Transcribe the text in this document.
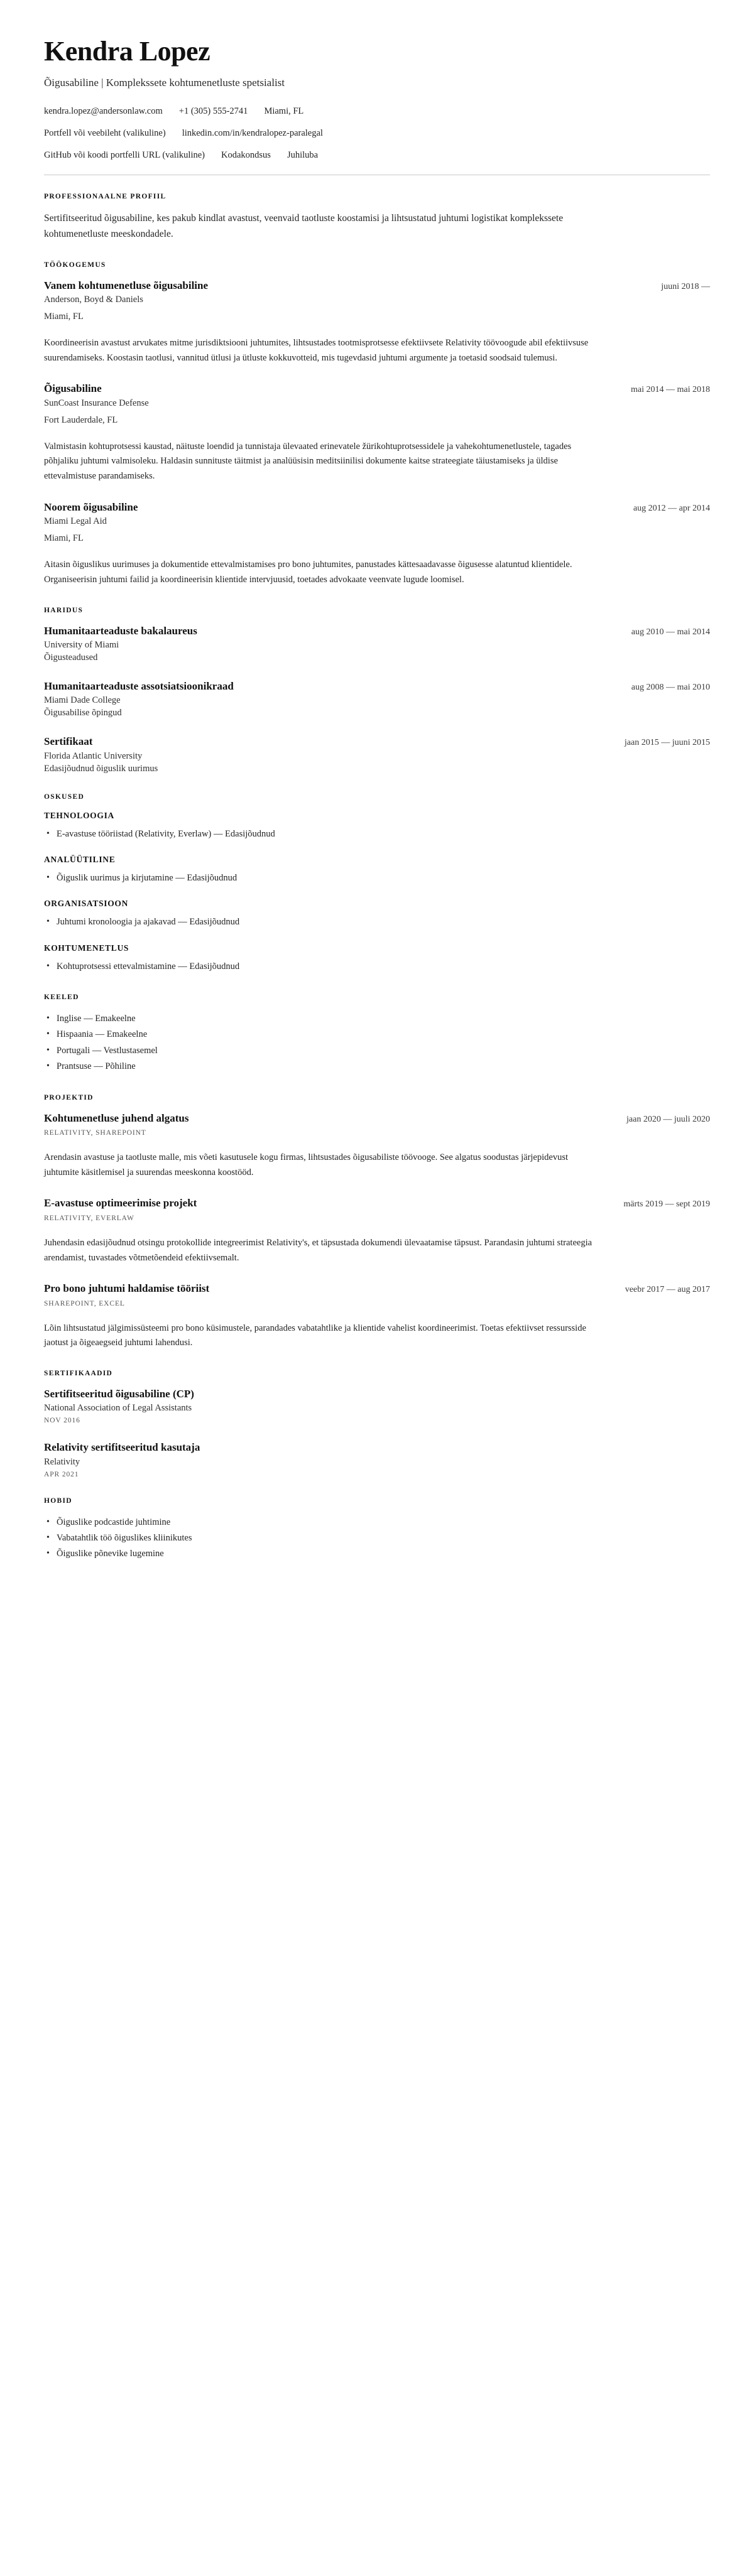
Kendra Lopez
Õigusabiline | Komplekssete kohtumenetluste spetsialist
kendra.lopez@andersonlaw.com +1 (305) 555-2741 Miami, FL
Portfell või veebileht (valikuline) linkedin.com/in/kendralopez-paralegal
GitHub või koodi portfelli URL (valikuline) Kodakondsus Juhiluba
PROFESSIONAALNE PROFIIL

Sertifitseeritud õigusabiline, kes pakub kindlat avastust, veenvaid taotluste koostamisi ja lihtsustatud juhtumi logistikat komplekssete kohtumenetluste meeskondadele.

TÖÖKOGEMUS
Vanem kohtumenetluse õigusabiline	juuni 2018 —
Anderson, Boyd & Daniels
Miami, FL

Koordineerisin avastust arvukates mitme jurisdiktsiooni juhtumites, lihtsustades tootmisprotsesse efektiivsete Relativity töövoogude abil efektiivsuse suurendamiseks. Koostasin taotlusi, vannitud ütlusi ja ütluste kokkuvotteid, mis tugevdasid juhtumi argumente ja toetasid soodsaid tulemusi.

Õigusabiline	mai 2014 — mai 2018
SunCoast Insurance Defense
Fort Lauderdale, FL

Valmistasin kohtuprotsessi kaustad, näituste loendid ja tunnistaja ülevaated erinevatele žürikohtuprotsessidele ja vahekohtumenetlustele, tagades põhjaliku juhtumi valmisoleku. Haldasin sunnituste täitmist ja analüüsisin meditsiinilisi dokumente kaitse strateegiate täiustamiseks ja üldise ettevalmistuse parandamiseks.

Noorem õigusabiline	aug 2012 — apr 2014
Miami Legal Aid
Miami, FL

Aitasin õiguslikus uurimuses ja dokumentide ettevalmistamises pro bono juhtumites, panustades kättesaadavasse õigusesse alatuntud klientidele. Organiseerisin juhtumi failid ja koordineerisin klientide intervjuusid, toetades advokaate veenvate lugude loomisel.

HARIDUS
Humanitaarteaduste bakalaureus	aug 2010 — mai 2014
University of Miami
Õigusteadused
Humanitaarteaduste assotsiatsioonikraad	aug 2008 — mai 2010
Miami Dade College
Õigusabilise õpingud
Sertifikaat	jaan 2015 — juuni 2015
Florida Atlantic University
Edasijõudnud õiguslik uurimus
OSKUSED
TEHNOLOOGIA
• E-avastuse tööriistad (Relativity, Everlaw) — Edasijõudnud
ANALÜÜTILINE
• Õiguslik uurimus ja kirjutamine — Edasijõudnud
ORGANISATSIOON
• Juhtumi kronoloogia ja ajakavad — Edasijõudnud
KOHTUMENETLUS
• Kohtuprotsessi ettevalmistamine — Edasijõudnud
KEELED
• Inglise — Emakeelne
• Hispaania — Emakeelne
• Portugali — Vestlustasemel
• Prantsuse — Põhiline
PROJEKTID
Kohtumenetluse juhend algatus	jaan 2020 — juuli 2020
RELATIVITY, SHAREPOINT

Arendasin avastuse ja taotluste malle, mis võeti kasutusele kogu firmas, lihtsustades õigusabiliste töövooge. See algatus soodustas järjepidevust juhtumite käsitlemisel ja suurendas meeskonna koostööd.

E-avastuse optimeerimise projekt	märts 2019 — sept 2019
RELATIVITY, EVERLAW

Juhendasin edasijõudnud otsingu protokollide integreerimist Relativity's, et täpsustada dokumendi ülevaatamise täpsust. Parandasin juhtumi strateegia arendamist, tuvastades võtmetõendeid efektiivsemalt.

Pro bono juhtumi haldamise tööriist	veebr 2017 — aug 2017
SHAREPOINT, EXCEL

Lõin lihtsustatud jälgimissüsteemi pro bono küsimustele, parandades vabatahtlike ja klientide vahelist koordineerimist. Toetas efektiivset ressursside jaotust ja õigeaegseid juhtumi lahendusi.

SERTIFIKAADID
Sertifitseeritud õigusabiline (CP)
National Association of Legal Assistants
NOV 2016
Relativity sertifitseeritud kasutaja
Relativity
APR 2021
HOBID
• Õiguslike podcastide juhtimine
• Vabatahtlik töö õiguslikes kliinikutes
• Õiguslike põnevike lugemine
